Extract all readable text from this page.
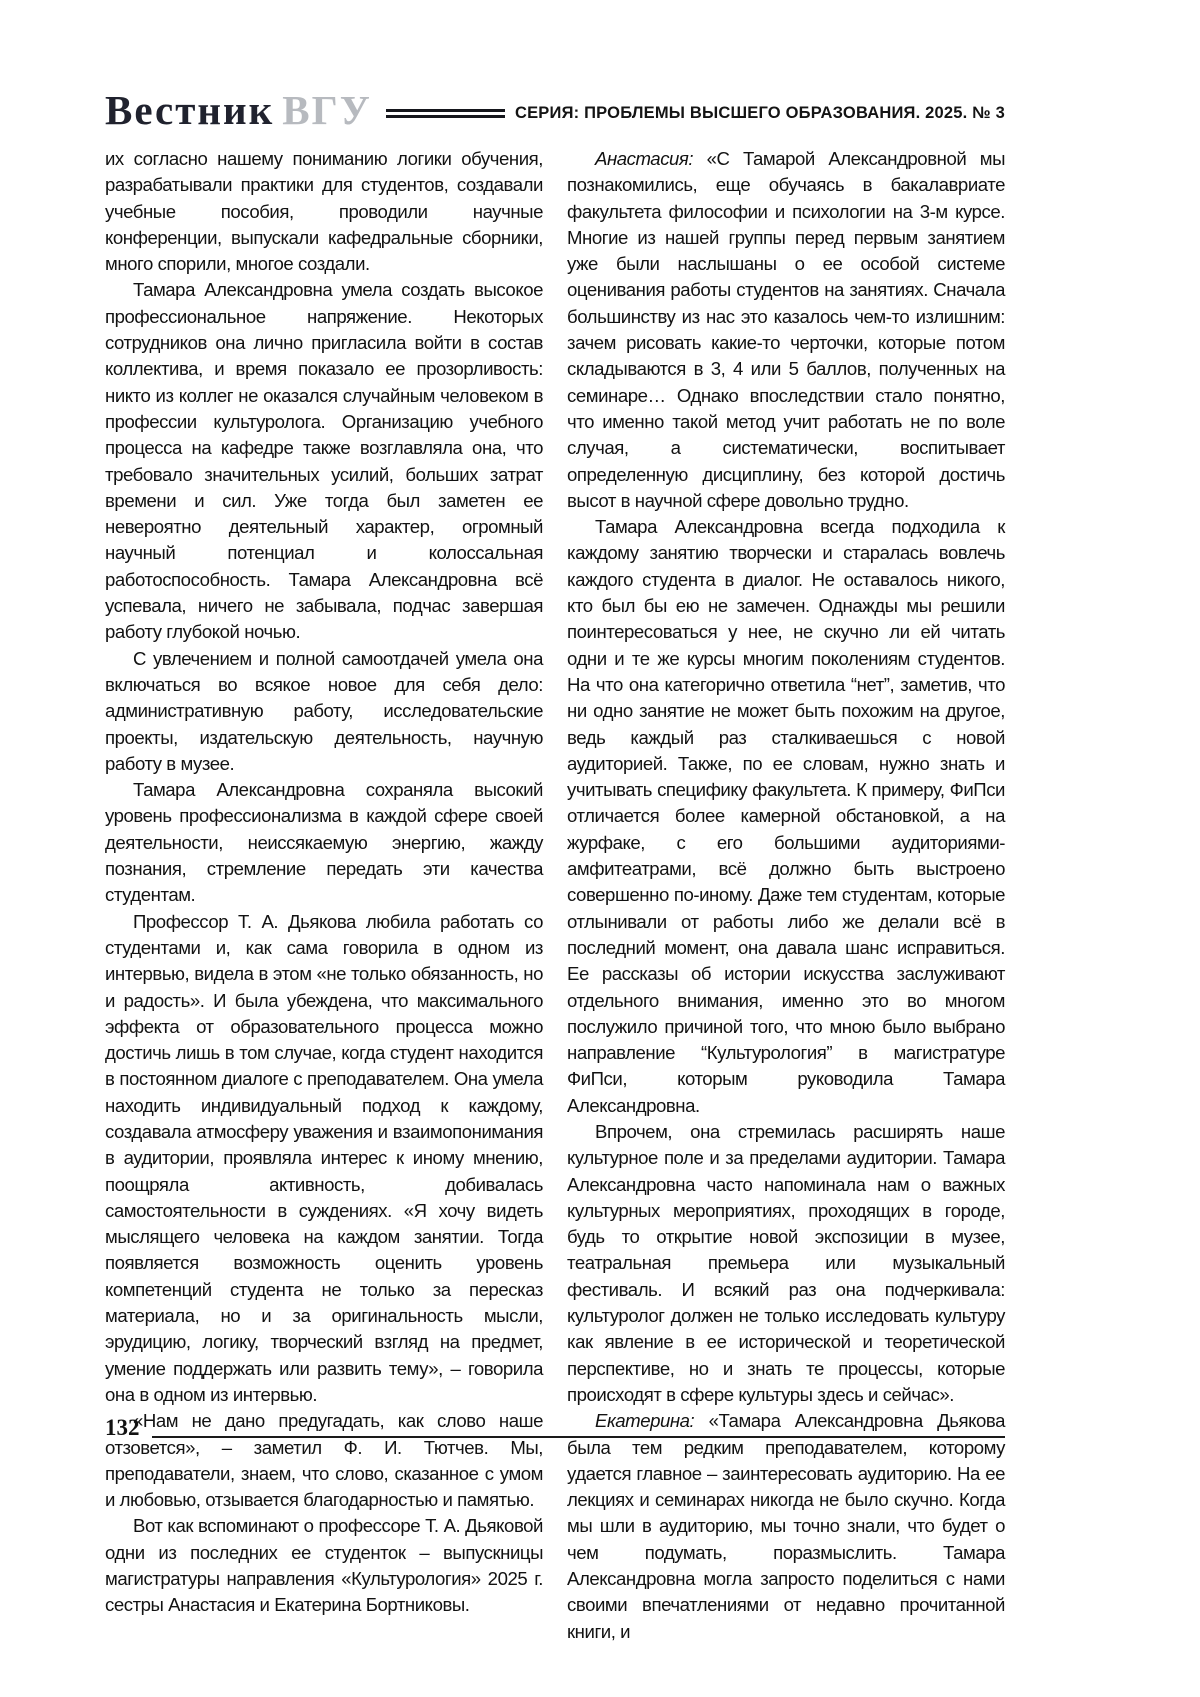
Вестник ВГУ	СЕРИЯ: ПРОБЛЕМЫ ВЫСШЕГО ОБРАЗОВАНИЯ. 2025. № 3

их согласно нашему пониманию логики обучения, разрабатывали практики для студентов, создавали учебные пособия, проводили научные конференции, выпускали кафедральные сборники, много спорили, многое создали.

Тамара Александровна умела создать высокое профессиональное напряжение. Некоторых сотрудников она лично пригласила войти в состав коллектива, и время показало ее прозорливость: никто из коллег не оказался случайным человеком в профессии культуролога. Организацию учебного процесса на кафедре также возглавляла она, что требовало значительных усилий, больших затрат времени и сил. Уже тогда был заметен ее невероятно деятельный характер, огромный научный потенциал и колоссальная работоспособность. Тамара Александровна всё успевала, ничего не забывала, подчас завершая работу глубокой ночью.

С увлечением и полной самоотдачей умела она включаться во всякое новое для себя дело: административную работу, исследовательские проекты, издательскую деятельность, научную работу в музее.

Тамара Александровна сохраняла высокий уровень профессионализма в каждой сфере своей деятельности, неиссякаемую энергию, жажду познания, стремление передать эти качества студентам.

Профессор Т. А. Дьякова любила работать со студентами и, как сама говорила в одном из интервью, видела в этом «не только обязанность, но и радость». И была убеждена, что максимального эффекта от образовательного процесса можно достичь лишь в том случае, когда студент находится в постоянном диалоге с преподавателем. Она умела находить индивидуальный подход к каждому, создавала атмосферу уважения и взаимопонимания в аудитории, проявляла интерес к иному мнению, поощряла активность, добивалась самостоятельности в суждениях. «Я хочу видеть мыслящего человека на каждом занятии. Тогда появляется возможность оценить уровень компетенций студента не только за пересказ материала, но и за оригинальность мысли, эрудицию, логику, творческий взгляд на предмет, умение поддержать или развить тему», – говорила она в одном из интервью.

«Нам не дано предугадать, как слово наше отзовется», – заметил Ф. И. Тютчев. Мы, преподаватели, знаем, что слово, сказанное с умом и любовью, отзывается благодарностью и памятью.

Вот как вспоминают о профессоре Т. А. Дьяковой одни из последних ее студенток – выпускницы магистратуры направления «Культурология» 2025 г. сестры Анастасия и Екатерина Бортниковы.

Анастасия: «С Тамарой Александровной мы познакомились, еще обучаясь в бакалавриате факультета философии и психологии на 3-м курсе. Многие из нашей группы перед первым занятием уже были наслышаны о ее особой системе оценивания работы студентов на занятиях. Сначала большинству из нас это казалось чем-то излишним: зачем рисовать какие-то черточки, которые потом складываются в 3, 4 или 5 баллов, полученных на семинаре… Однако впоследствии стало понятно, что именно такой метод учит работать не по воле случая, а систематически, воспитывает определенную дисциплину, без которой достичь высот в научной сфере довольно трудно.

Тамара Александровна всегда подходила к каждому занятию творчески и старалась вовлечь каждого студента в диалог. Не оставалось никого, кто был бы ею не замечен. Однажды мы решили поинтересоваться у нее, не скучно ли ей читать одни и те же курсы многим поколениям студентов. На что она категорично ответила “нет”, заметив, что ни одно занятие не может быть похожим на другое, ведь каждый раз сталкиваешься с новой аудиторией. Также, по ее словам, нужно знать и учитывать специфику факультета. К примеру, ФиПси отличается более камерной обстановкой, а на журфаке, с его большими аудиториями-амфитеатрами, всё должно быть выстроено совершенно по-иному. Даже тем студентам, которые отлынивали от работы либо же делали всё в последний момент, она давала шанс исправиться. Ее рассказы об истории искусства заслуживают отдельного внимания, именно это во многом послужило причиной того, что мною было выбрано направление “Культурология” в магистратуре ФиПси, которым руководила Тамара Александровна.

Впрочем, она стремилась расширять наше культурное поле и за пределами аудитории. Тамара Александровна часто напоминала нам о важных культурных мероприятиях, проходящих в городе, будь то открытие новой экспозиции в музее, театральная премьера или музыкальный фестиваль. И всякий раз она подчеркивала: культуролог должен не только исследовать культуру как явление в ее исторической и теоретической перспективе, но и знать те процессы, которые происходят в сфере культуры здесь и сейчас».

Екатерина: «Тамара Александровна Дьякова была тем редким преподавателем, которому удается главное – заинтересовать аудиторию. На ее лекциях и семинарах никогда не было скучно. Когда мы шли в аудиторию, мы точно знали, что будет о чем подумать, поразмыслить. Тамара Александровна могла запросто поделиться с нами своими впечатлениями от недавно прочитанной книги, и

132
